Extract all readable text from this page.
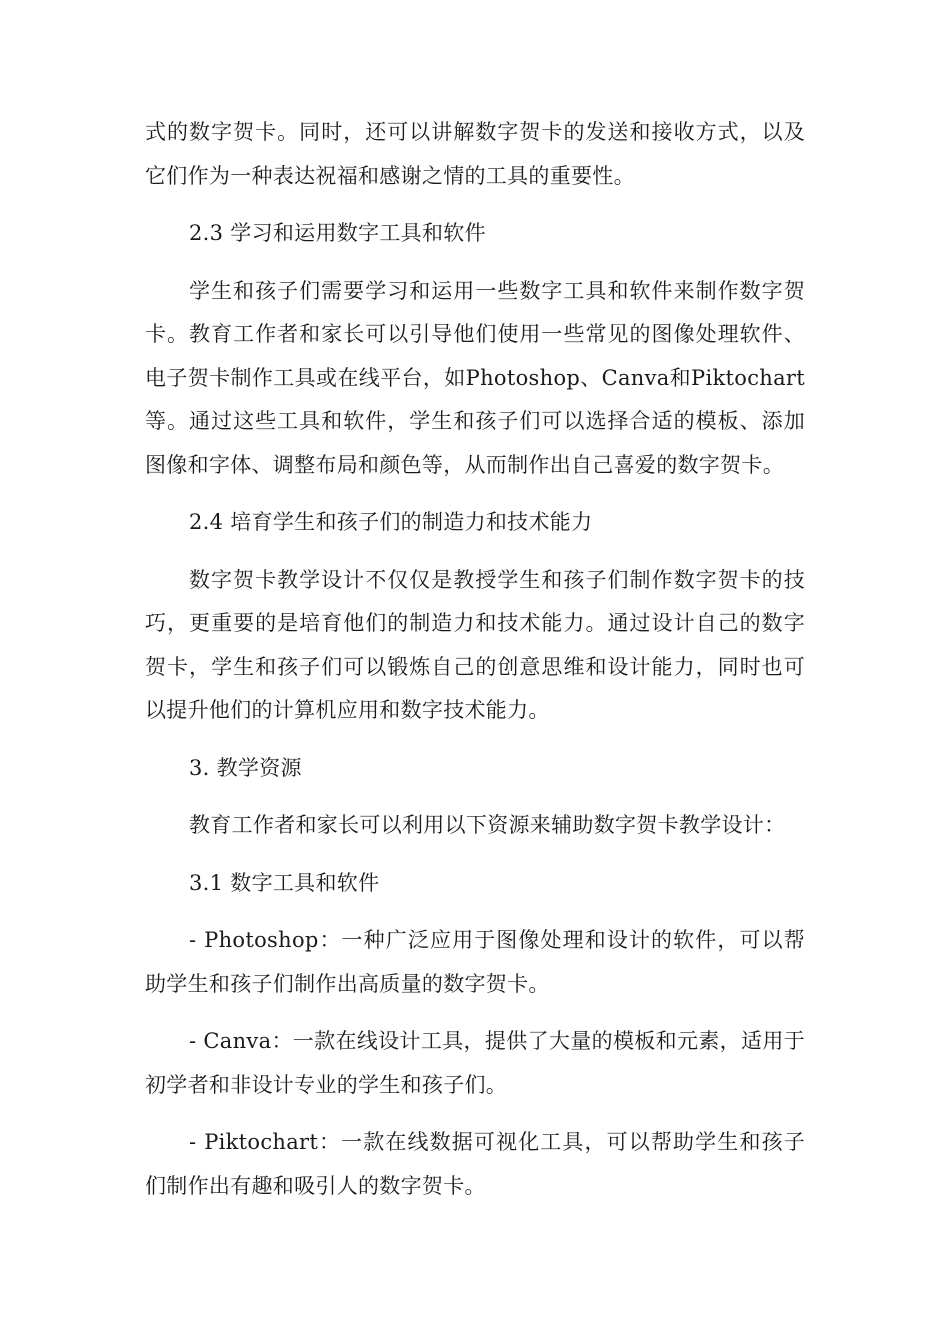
式的数字贺卡。同时，还可以讲解数字贺卡的发送和接收方式，以及它们作为一种表达祝福和感谢之情的工具的重要性。

2.3 学习和运用数字工具和软件

学生和孩子们需要学习和运用一些数字工具和软件来制作数字贺卡。教育工作者和家长可以引导他们使用一些常见的图像处理软件、电子贺卡制作工具或在线平台，如Photoshop、Canva和Piktochart等。通过这些工具和软件，学生和孩子们可以选择合适的模板、添加图像和字体、调整布局和颜色等，从而制作出自己喜爱的数字贺卡。

2.4 培育学生和孩子们的制造力和技术能力

数字贺卡教学设计不仅仅是教授学生和孩子们制作数字贺卡的技巧，更重要的是培育他们的制造力和技术能力。通过设计自己的数字贺卡，学生和孩子们可以锻炼自己的创意思维和设计能力，同时也可以提升他们的计算机应用和数字技术能力。

3. 教学资源

教育工作者和家长可以利用以下资源来辅助数字贺卡教学设计：

3.1 数字工具和软件

- Photoshop：一种广泛应用于图像处理和设计的软件，可以帮助学生和孩子们制作出高质量的数字贺卡。

- Canva：一款在线设计工具，提供了大量的模板和元素，适用于初学者和非设计专业的学生和孩子们。

- Piktochart：一款在线数据可视化工具，可以帮助学生和孩子们制作出有趣和吸引人的数字贺卡。
